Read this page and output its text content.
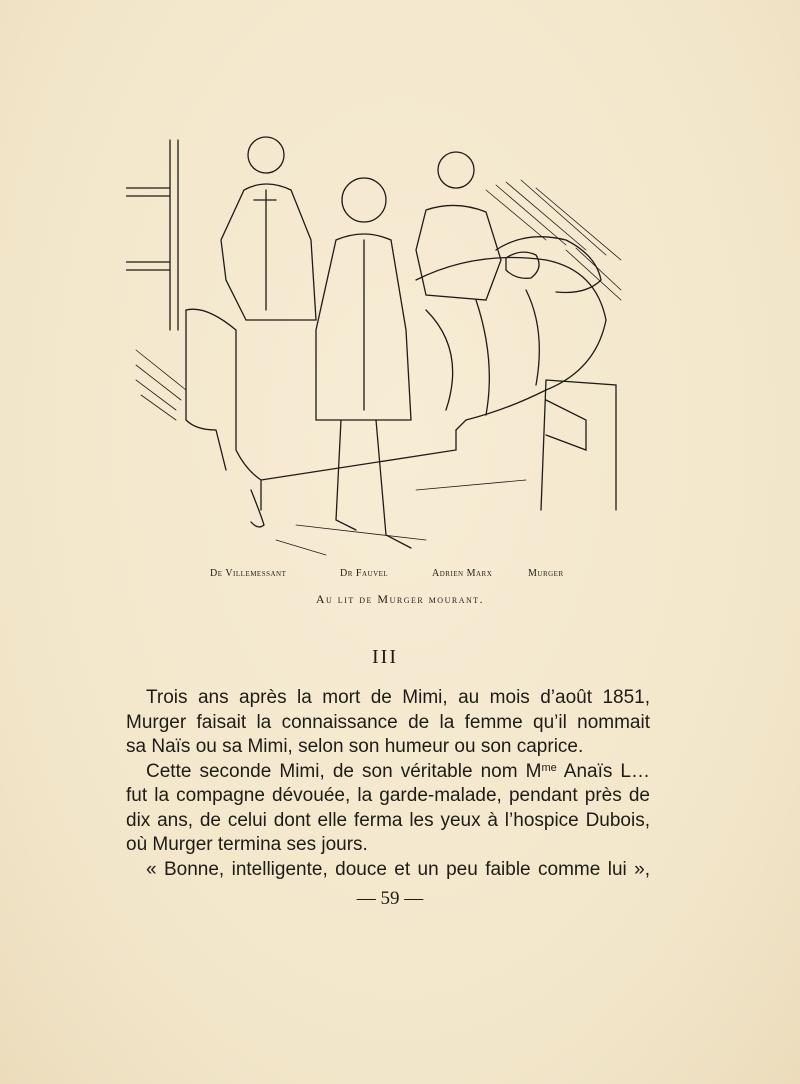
De Villemessant	Dr Fauvel	Adrien Marx	Murger
Au lit de Murger mourant.
III
Trois ans après la mort de Mimi, au mois d’août 1851,
Murger faisait la connaissance de la femme qu’il nommait
sa Naïs ou sa Mimi, selon son humeur ou son caprice.
Cette seconde Mimi, de son véritable nom $M^{me}$ Anaïs L…
fut la compagne dévouée, la garde-malade, pendant près de
dix ans, de celui dont elle ferma les yeux à l’hospice Dubois,
où Murger termina ses jours.
« Bonne, intelligente, douce et un peu faible comme lui »,
— 59 —
